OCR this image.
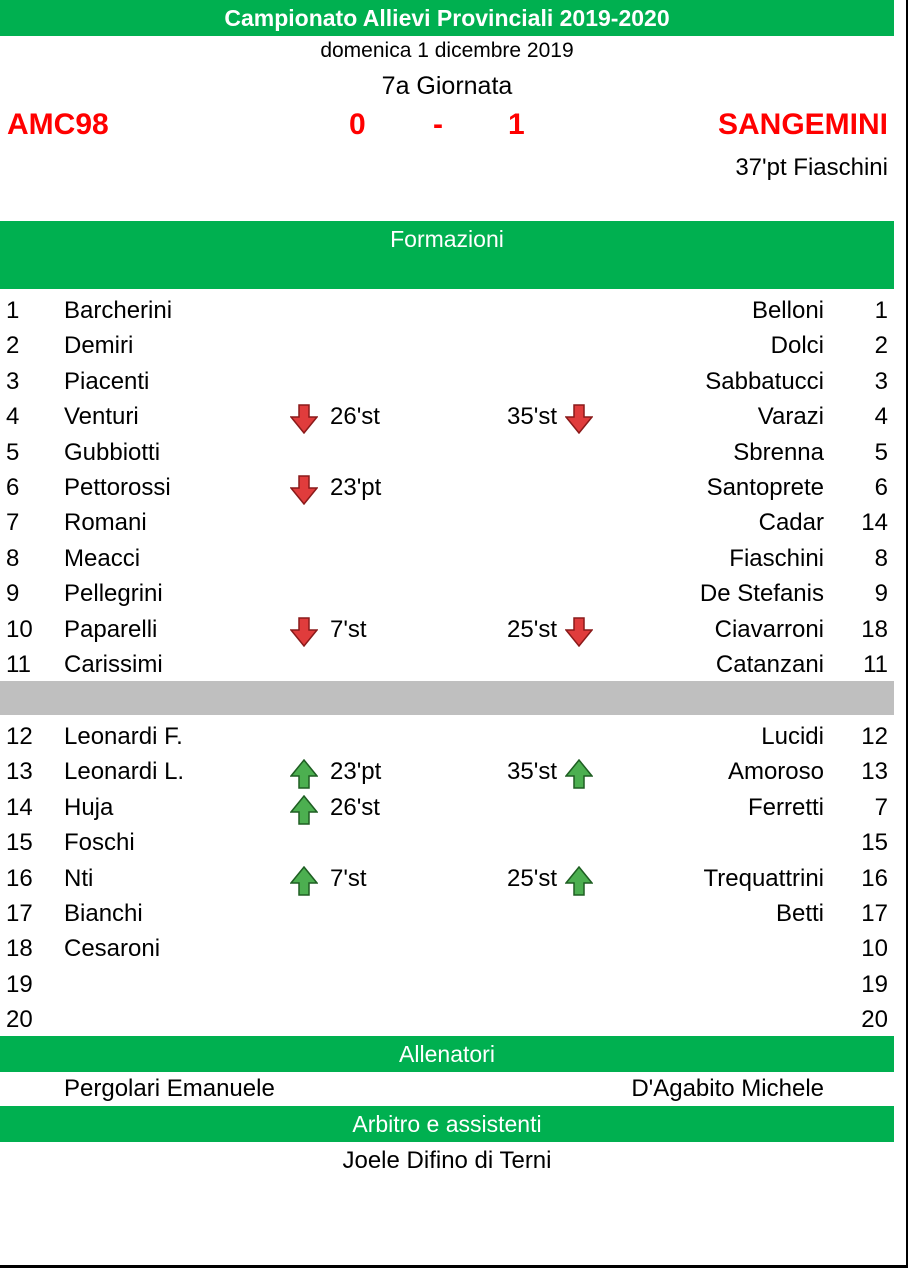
Campionato Allievi Provinciali 2019-2020
domenica 1 dicembre 2019
7a Giornata
AMC98	0 - 1	SANGEMINI
37'pt Fiaschini
Formazioni
1 Barcherini	Belloni 1
2 Demiri	Dolci 2
3 Piacenti	Sabbatucci 3
4 Venturi	26'st	35'st	Varazi 4
5 Gubbiotti	Sbrenna 5
6 Pettorossi	23'pt	Santoprete 6
7 Romani	Cadar 14
8 Meacci	Fiaschini 8
9 Pellegrini	De Stefanis 9
10 Paparelli	7'st	25'st	Ciavarroni 18
11 Carissimi	Catanzani 11
12 Leonardi F.	Lucidi 12
13 Leonardi L.	23'pt	35'st	Amoroso 13
14 Huja	26'st	Ferretti 7
15 Foschi	15
16 Nti	7'st	25'st	Trequattrini 16
17 Bianchi	Betti 17
18 Cesaroni	10
19	19
20	20
Allenatori
Pergolari Emanuele	D'Agabito Michele
Arbitro e assistenti
Joele Difino di Terni
